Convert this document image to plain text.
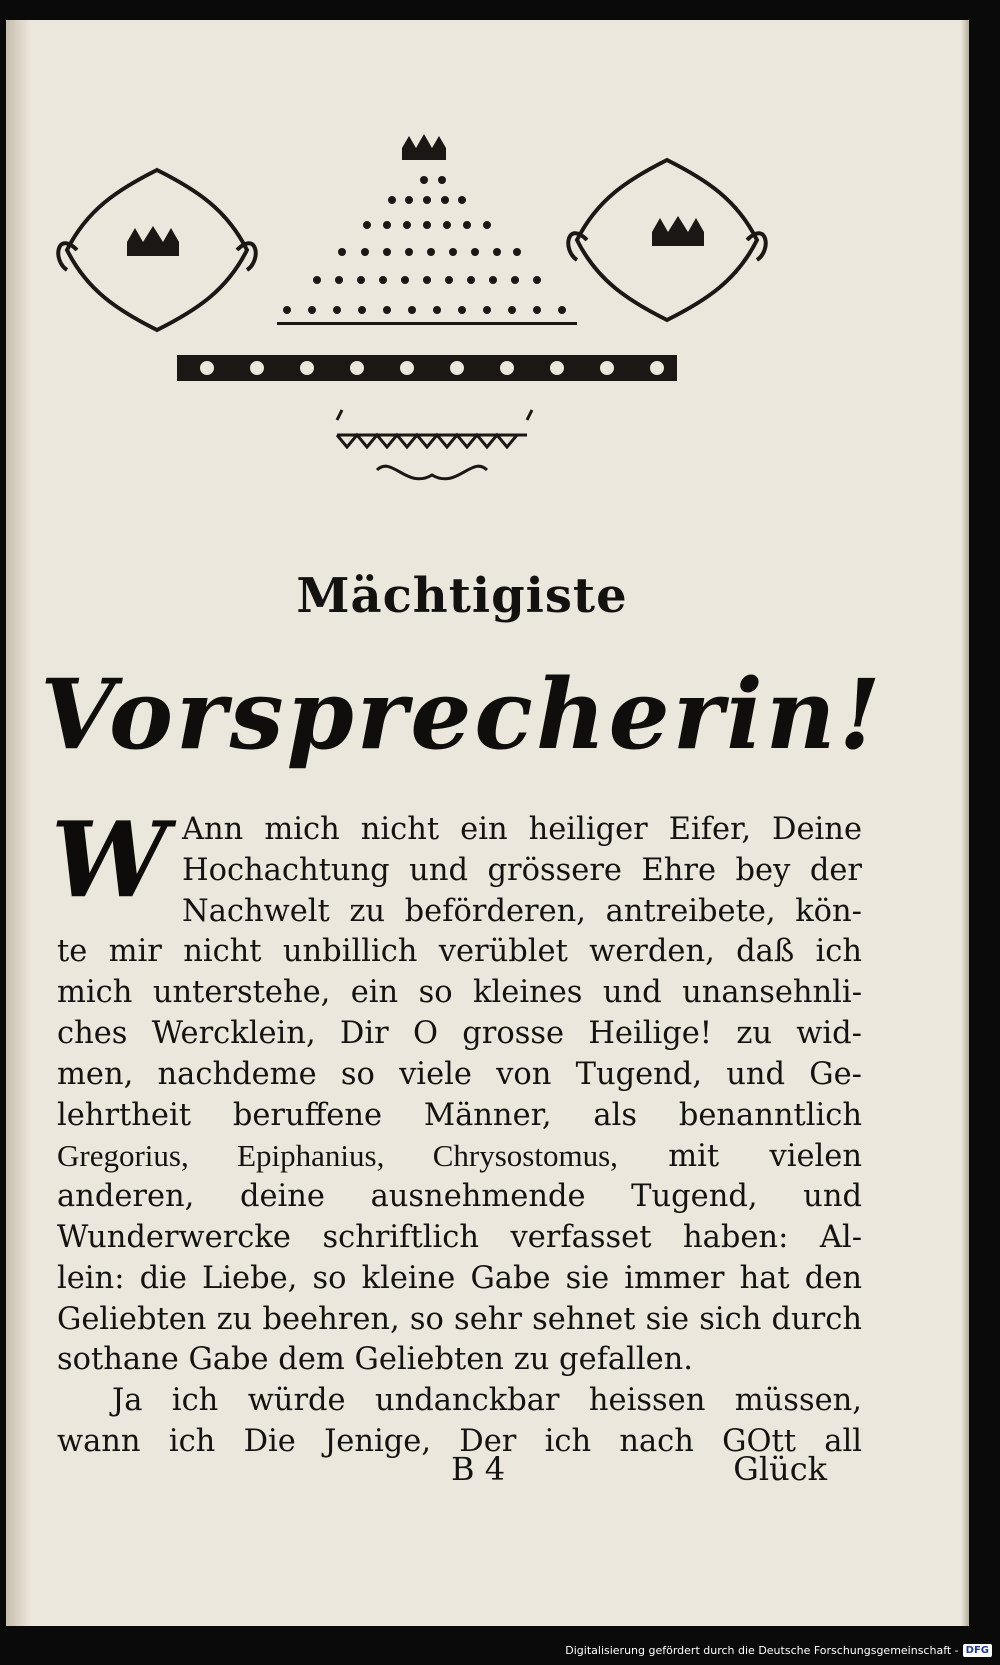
Mächtigiste
Vorsprecherin!
W Ann mich nicht ein heiliger Eifer, Deine
Hochachtung und grössere Ehre bey der
Nachwelt zu beförderen, antreibete, kön-
te mir nicht unbillich verüblet werden, daß ich
mich unterstehe, ein so kleines und unansehnli-
ches Wercklein, Dir O grosse Heilige! zu wid-
men, nachdeme so viele von Tugend, und Ge-
lehrtheit beruffene Männer, als benanntlich
Gregorius, Epiphanius, Chrysostomus, mit vielen
anderen, deine ausnehmende Tugend, und
Wunderwercke schriftlich verfasset haben: Al-
lein: die Liebe, so kleine Gabe sie immer hat den
Geliebten zu beehren, so sehr sehnet sie sich durch
sothane Gabe dem Geliebten zu gefallen.
Ja ich würde undanckbar heissen müssen,
wann ich Die Jenige, Der ich nach GOtt all
B 4	Glück
Digitalisierung gefördert durch die Deutsche Forschungsgemeinschaft - DFG
